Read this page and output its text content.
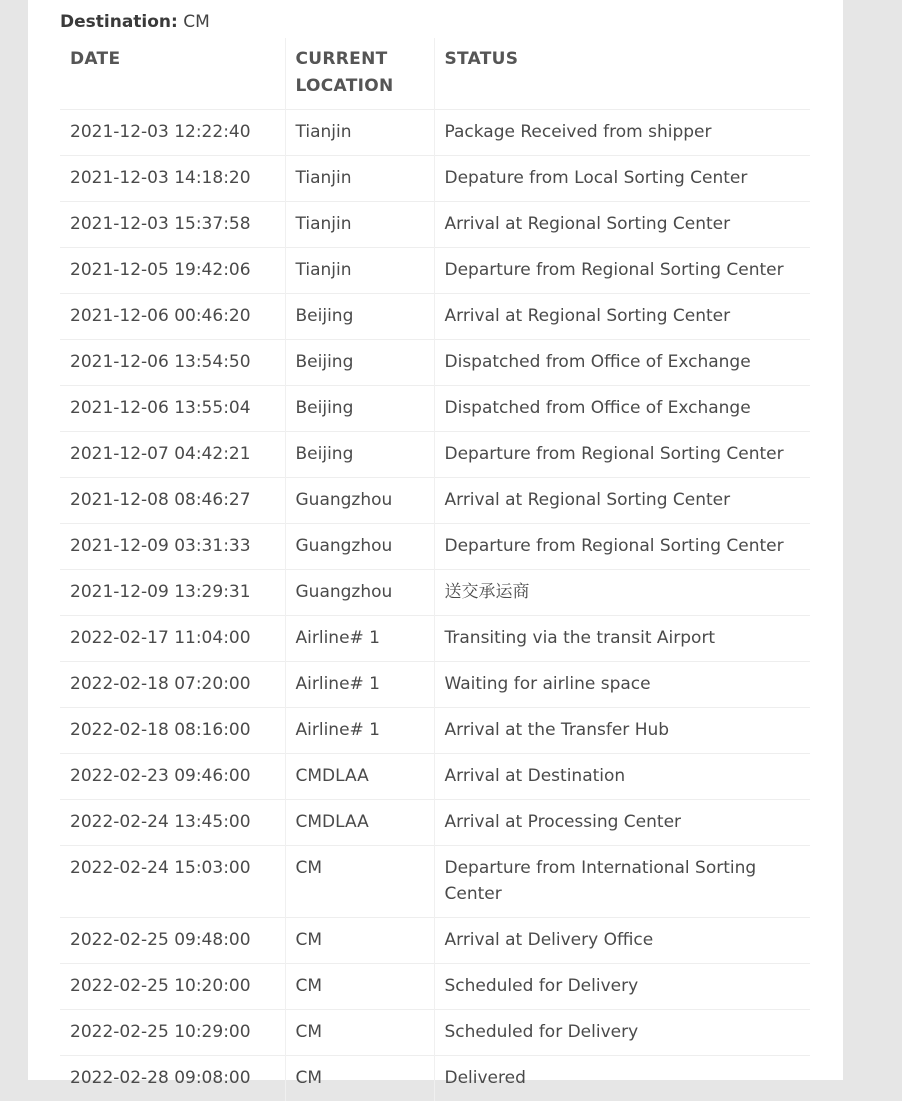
Destination: CM
DATE	CURRENT LOCATION	STATUS
2021-12-03 12:22:40	Tianjin	Package Received from shipper
2021-12-03 14:18:20	Tianjin	Depature from Local Sorting Center
2021-12-03 15:37:58	Tianjin	Arrival at Regional Sorting Center
2021-12-05 19:42:06	Tianjin	Departure from Regional Sorting Center
2021-12-06 00:46:20	Beijing	Arrival at Regional Sorting Center
2021-12-06 13:54:50	Beijing	Dispatched from Office of Exchange
2021-12-06 13:55:04	Beijing	Dispatched from Office of Exchange
2021-12-07 04:42:21	Beijing	Departure from Regional Sorting Center
2021-12-08 08:46:27	Guangzhou	Arrival at Regional Sorting Center
2021-12-09 03:31:33	Guangzhou	Departure from Regional Sorting Center
2021-12-09 13:29:31	Guangzhou	送交承运商
2022-02-17 11:04:00	Airline# 1	Transiting via the transit Airport
2022-02-18 07:20:00	Airline# 1	Waiting for airline space
2022-02-18 08:16:00	Airline# 1	Arrival at the Transfer Hub
2022-02-23 09:46:00	CMDLAA	Arrival at Destination
2022-02-24 13:45:00	CMDLAA	Arrival at Processing Center
2022-02-24 15:03:00	CM	Departure from International Sorting Center
2022-02-25 09:48:00	CM	Arrival at Delivery Office
2022-02-25 10:20:00	CM	Scheduled for Delivery
2022-02-25 10:29:00	CM	Scheduled for Delivery
2022-02-28 09:08:00	CM	Delivered
